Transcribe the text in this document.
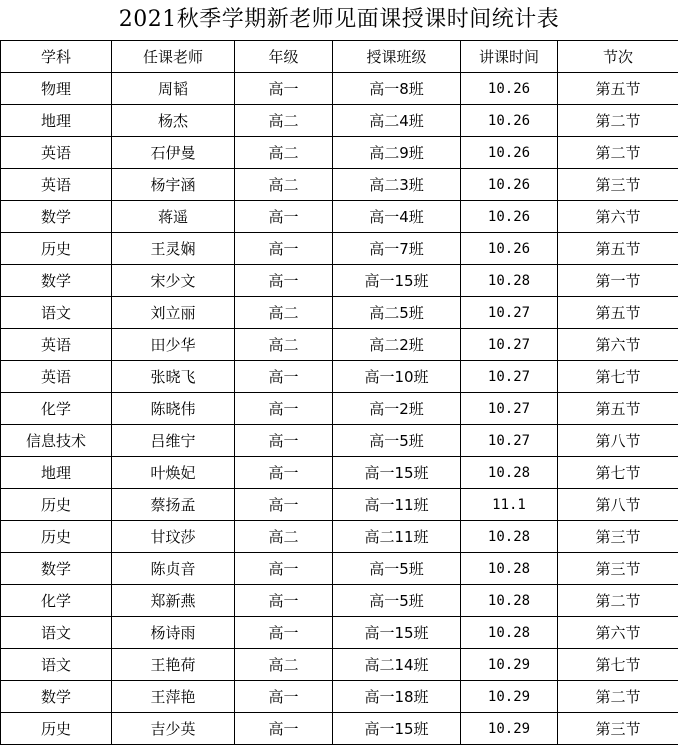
2021秋季学期新老师见面课授课时间统计表
学科	任课老师	年级	授课班级	讲课时间	节次
物理	周韬	高一	高一8班	10.26	第五节
地理	杨杰	高二	高二4班	10.26	第二节
英语	石伊曼	高二	高二9班	10.26	第二节
英语	杨宇涵	高二	高二3班	10.26	第三节
数学	蒋遥	高一	高一4班	10.26	第六节
历史	王灵娴	高一	高一7班	10.26	第五节
数学	宋少文	高一	高一15班	10.28	第一节
语文	刘立丽	高二	高二5班	10.27	第五节
英语	田少华	高二	高二2班	10.27	第六节
英语	张晓飞	高一	高一10班	10.27	第七节
化学	陈晓伟	高一	高一2班	10.27	第五节
信息技术	吕维宁	高一	高一5班	10.27	第八节
地理	叶焕妃	高一	高一15班	10.28	第七节
历史	蔡扬孟	高一	高一11班	11.1	第八节
历史	甘玟莎	高二	高二11班	10.28	第三节
数学	陈贞音	高一	高一5班	10.28	第三节
化学	郑新燕	高一	高一5班	10.28	第二节
语文	杨诗雨	高一	高一15班	10.28	第六节
语文	王艳荷	高二	高二14班	10.29	第七节
数学	王萍艳	高一	高一18班	10.29	第二节
历史	吉少英	高一	高一15班	10.29	第三节
